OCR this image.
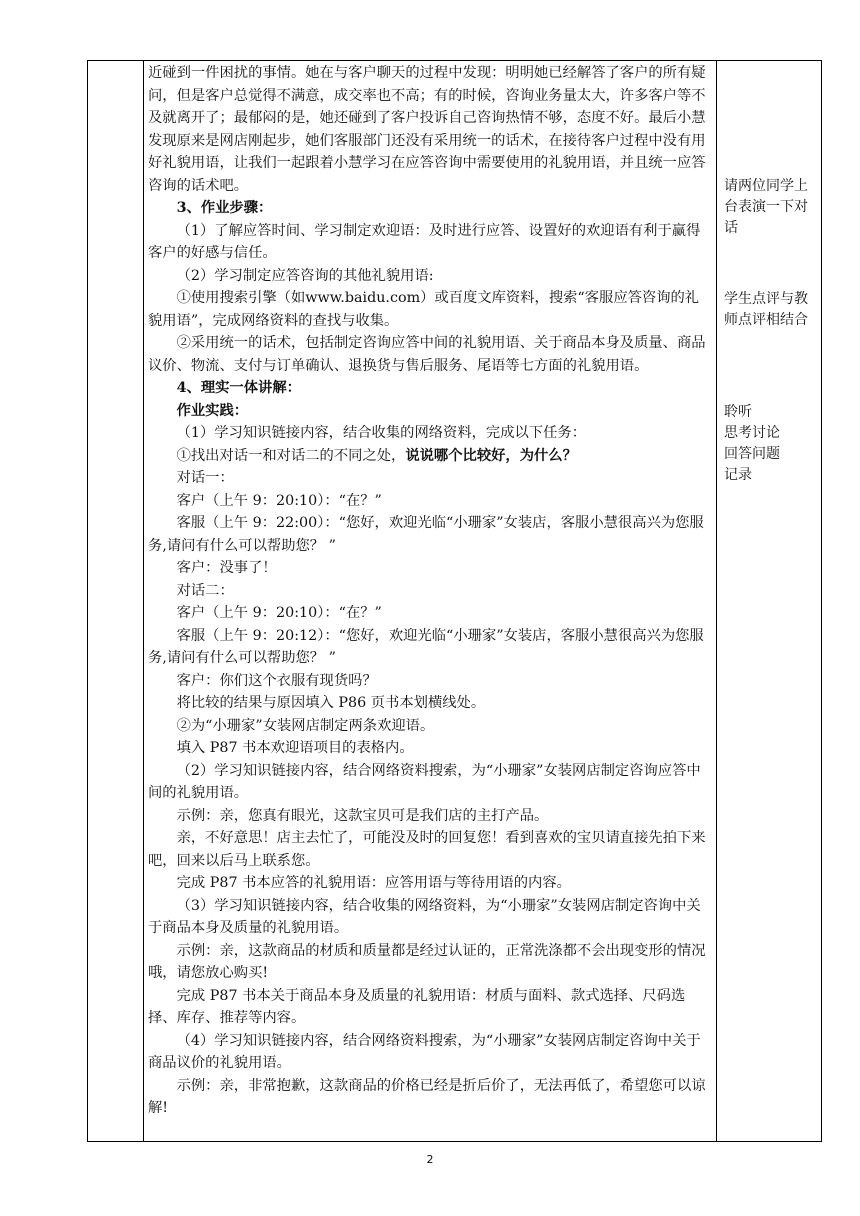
近碰到一件困扰的事情。她在与客户聊天的过程中发现：明明她已经解答了客户的所有疑问，但是客户总觉得不满意，成交率也不高；有的时候，咨询业务量太大，许多客户等不及就离开了；最郁闷的是，她还碰到了客户投诉自己咨询热情不够，态度不好。最后小慧发现原来是网店刚起步，她们客服部门还没有采用统一的话术，在接待客户过程中没有用好礼貌用语，让我们一起跟着小慧学习在应答咨询中需要使用的礼貌用语，并且统一应答咨询的话术吧。

3、作业步骤：

（1）了解应答时间、学习制定欢迎语：及时进行应答、设置好的欢迎语有利于赢得客户的好感与信任。

（2）学习制定应答咨询的其他礼貌用语:

①使用搜索引擎（如www.baidu.com）或百度文库资料，搜索“客服应答咨询的礼貌用语”，完成网络资料的查找与收集。

②采用统一的话术，包括制定咨询应答中间的礼貌用语、关于商品本身及质量、商品议价、物流、支付与订单确认、退换货与售后服务、尾语等七方面的礼貌用语。

4、理实一体讲解：

作业实践：

（1）学习知识链接内容，结合收集的网络资料，完成以下任务：

①找出对话一和对话二的不同之处，说说哪个比较好，为什么？

对话一：

客户（上午 9：20:10）：“在？”

客服（上午 9：22:00）：“您好，欢迎光临“小珊家”女装店，客服小慧很高兴为您服务,请问有什么可以帮助您？ ”

客户：没事了！

对话二：

客户（上午 9：20:10）：“在？”

客服（上午 9：20:12）：“您好，欢迎光临“小珊家”女装店，客服小慧很高兴为您服务,请问有什么可以帮助您？ ”

客户：你们这个衣服有现货吗？

将比较的结果与原因填入 P86 页书本划横线处。

②为“小珊家”女装网店制定两条欢迎语。

填入 P87 书本欢迎语项目的表格内。

（2）学习知识链接内容，结合网络资料搜索，为“小珊家”女装网店制定咨询应答中间的礼貌用语。

示例：亲，您真有眼光，这款宝贝可是我们店的主打产品。

亲，不好意思！店主去忙了，可能没及时的回复您！看到喜欢的宝贝请直接先拍下来吧，回来以后马上联系您。

完成 P87 书本应答的礼貌用语：应答用语与等待用语的内容。

（3）学习知识链接内容，结合收集的网络资料，为“小珊家”女装网店制定咨询中关于商品本身及质量的礼貌用语。

示例：亲，这款商品的材质和质量都是经过认证的，正常洗涤都不会出现变形的情况哦，请您放心购买!

完成 P87 书本关于商品本身及质量的礼貌用语：材质与面料、款式选择、尺码选择、库存、推荐等内容。

（4）学习知识链接内容，结合网络资料搜索，为“小珊家”女装网店制定咨询中关于商品议价的礼貌用语。

示例：亲，非常抱歉，这款商品的价格已经是折后价了，无法再低了，希望您可以谅解!

请两位同学上

台表演一下对

话

学生点评与教

师点评相结合

聆听

思考讨论

回答问题

记录

2
